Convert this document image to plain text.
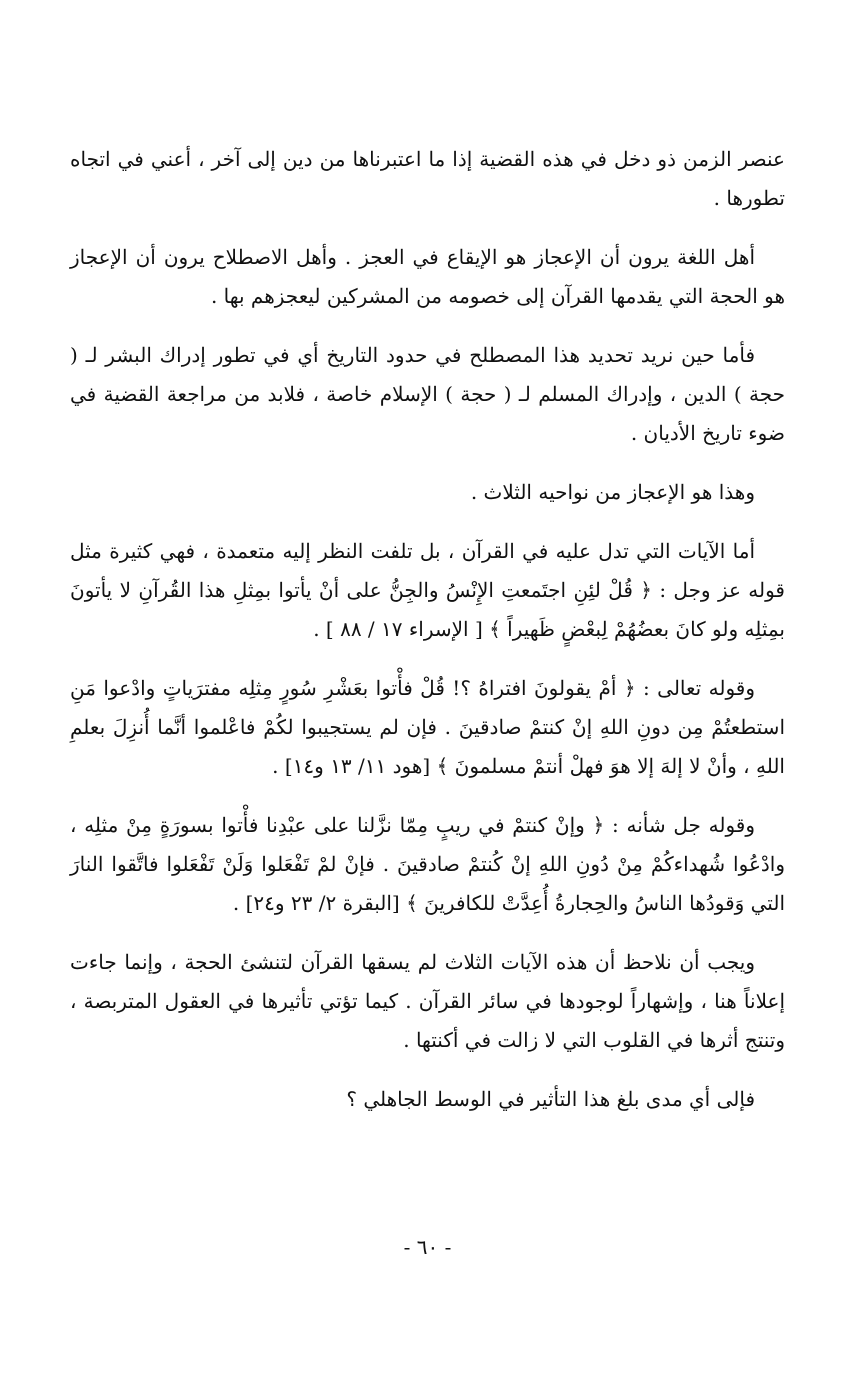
عنصر الزمن ذو دخل في هذه القضية إذا ما اعتبرناها من دين إلى آخر ، أعني في اتجاه تطورها .

أهل اللغة يرون أن الإعجاز هو الإيقاع في العجز . وأهل الاصطلاح يرون أن الإعجاز هو الحجة التي يقدمها القرآن إلى خصومه من المشركين ليعجزهم بها .

فأما حين نريد تحديد هذا المصطلح في حدود التاريخ أي في تطور إدراك البشر لـ ( حجة ) الدين ، وإدراك المسلم لـ ( حجة ) الإسلام خاصة ، فلابد من مراجعة القضية في ضوء تاريخ الأديان .

وهذا هو الإعجاز من نواحيه الثلاث .

أما الآيات التي تدل عليه في القرآن ، بل تلفت النظر إليه متعمدة ، فهي كثيرة مثل قوله عز وجل : ﴿ قُلْ لئِنِ اجتَمعتِ الإِنْسُ والجِنُّ على أنْ يأتوا بمِثلِ هذا القُرآنِ لا يأتونَ بمِثلِه ولو كانَ بعضُهُمْ لِبعْضٍ ظَهيراً ﴾ [ الإسراء ١٧ / ٨٨ ] .

وقوله تعالى : ﴿ أمْ يقولونَ افتراهُ ؟! قُلْ فأْتوا بعَشْرِ سُورٍ مِثلِه مفترَياتٍ وادْعوا مَنِ استطعتُمْ مِن دونِ اللهِ إنْ كنتمْ صادقينَ . فإن لم يستجيبوا لكُمْ فاعْلموا أنَّما أُنزِلَ بعلمِ اللهِ ، وأنْ لا إلهَ إلا هوَ فهلْ أنتمْ مسلمونَ ﴾ [هود ١١/ ١٣ و١٤] .

وقوله جل شأنه : ﴿ وإنْ كنتمْ في ريبٍ مِمّا نزَّلنا على عبْدِنا فأْتوا بسورَةٍ مِنْ مثلِه ، وادْعُوا شُهداءكُمْ مِنْ دُونِ اللهِ إنْ كُنتمْ صادقينَ . فإنْ لمْ تَفْعَلوا وَلَنْ تَفْعَلوا فاتَّقوا النارَ التي وَقودُها الناسُ والحِجارةُ أُعِدَّتْ للكافرينَ ﴾ [البقرة ٢/ ٢٣ و٢٤] .

ويجب أن نلاحظ أن هذه الآيات الثلاث لم يسقها القرآن لتنشئ الحجة ، وإنما جاءت إعلاناً هنا ، وإشهاراً لوجودها في سائر القرآن . كيما تؤتي تأثيرها في العقول المتربصة ، وتنتج أثرها في القلوب التي لا زالت في أكنتها .

فإلى أي مدى بلغ هذا التأثير في الوسط الجاهلي ؟

- ٦٠ -
